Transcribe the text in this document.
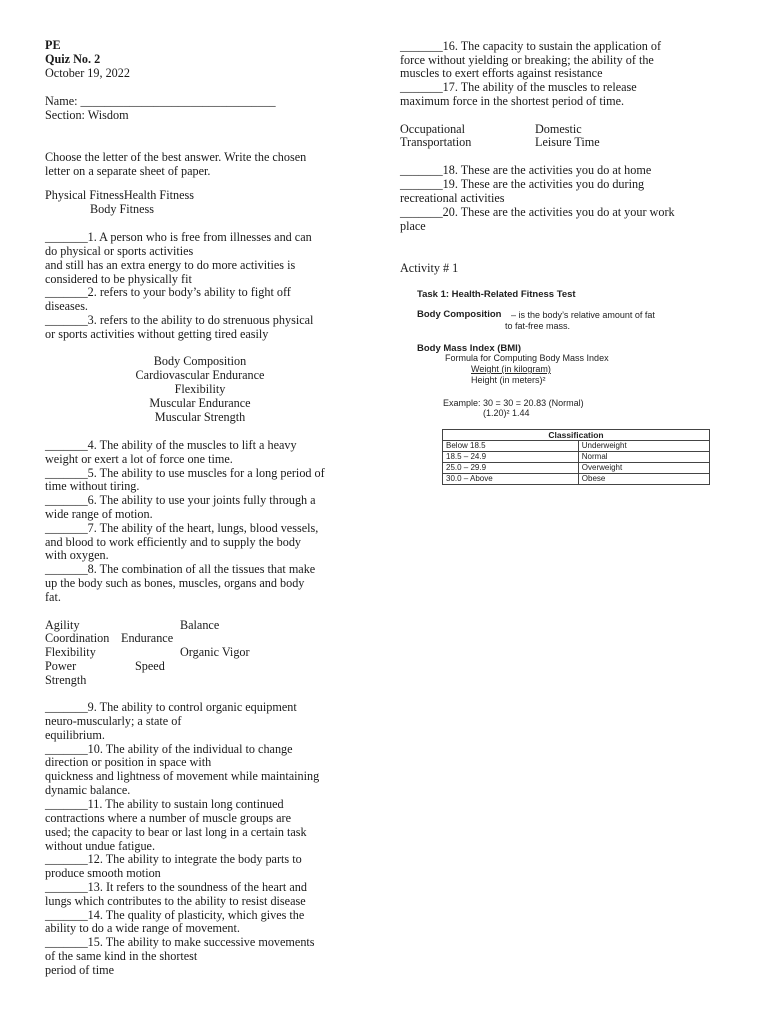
PE
Quiz No. 2
October 19, 2022
Name: ________________________________
Section: Wisdom
Choose the letter of the best answer. Write the chosen
letter on a separate sheet of paper.
Physical FitnessHealth Fitness
Body Fitness
_______1. A person who is free from illnesses and can
do physical or sports activities
and still has an extra energy to do more activities is
considered to be physically fit
_______2. refers to your body’s ability to fight off
diseases.
_______3. refers to the ability to do strenuous physical
or sports activities without getting tired easily
Body Composition
Cardiovascular Endurance
Flexibility
Muscular Endurance
Muscular Strength
_______4. The ability of the muscles to lift a heavy
weight or exert a lot of force one time.
_______5. The ability to use muscles for a long period of
time without tiring.
_______6. The ability to use your joints fully through a
wide range of motion.
_______7. The ability of the heart, lungs, blood vessels,
and blood to work efficiently and to supply the body
with oxygen.
_______8. The combination of all the tissues that make
up the body such as bones, muscles, organs and body
fat.
Agility	Balance
Coordination Endurance
Flexibility	Organic Vigor
Power	Speed
Strength
_______9. The ability to control organic equipment
neuro-muscularly; a state of
equilibrium.
_______10. The ability of the individual to change
direction or position in space with
quickness and lightness of movement while maintaining
dynamic balance.
_______11. The ability to sustain long continued
contractions where a number of muscle groups are
used; the capacity to bear or last long in a certain task
without undue fatigue.
_______12. The ability to integrate the body parts to
produce smooth motion
_______13. It refers to the soundness of the heart and
lungs which contributes to the ability to resist disease
_______14. The quality of plasticity, which gives the
ability to do a wide range of movement.
_______15. The ability to make successive movements
of the same kind in the shortest
period of time
_______16. The capacity to sustain the application of
force without yielding or breaking; the ability of the
muscles to exert efforts against resistance
_______17. The ability of the muscles to release
maximum force in the shortest period of time.
Occupational	Domestic
Transportation	Leisure Time
_______18. These are the activities you do at home
_______19. These are the activities you do during
recreational activities
_______20. These are the activities you do at your work
place
Activity # 1
Task 1: Health-Related Fitness Test
Body Composition – is the body’s relative amount of fat
to fat-free mass.
Body Mass Index (BMI)
Formula for Computing Body Mass Index
Weight (in kilogram)
Height (in meters)²
Example: 30 = 30 = 20.83 (Normal)
(1.20)² 1.44
Classification	
Below 18.5	Underweight
18.5 – 24.9	Normal
25.0 – 29.9	Overweight
30.0 – Above	Obese
